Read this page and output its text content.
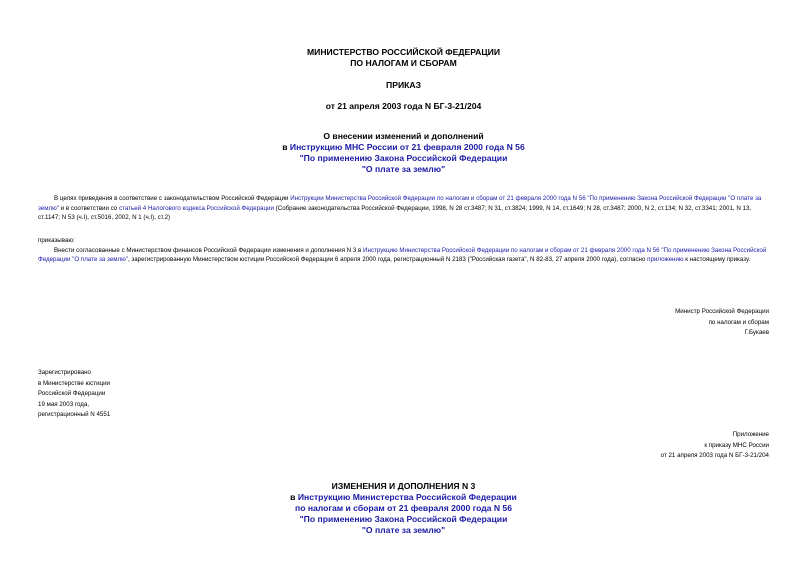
МИНИСТЕРСТВО РОССИЙСКОЙ ФЕДЕРАЦИИ
ПО НАЛОГАМ И СБОРАМ
ПРИКАЗ
от 21 апреля 2003 года N БГ-3-21/204
О внесении изменений и дополнений
в Инструкцию МНС России от 21 февраля 2000 года N 56
"По применению Закона Российской Федерации
"О плате за землю"

В целях приведения в соответствие с законодательством Российской Федерации Инструкции Министерства Российской Федерации по налогам и сборам от 21 февраля 2000 года N 56 "По применению Закона Российской Федерации "О плате за землю" и в соответствии со статьей 4 Налогового кодекса Российской Федерации (Собрание законодательства Российской Федерации, 1998, N 28 ст.3487; N 31, ст.3824; 1999, N 14, ст.1649; N 28, ст.3487; 2000, N 2, ст.134; N 32, ст.3341; 2001, N 13, ст.1147; N 53 (ч.I), ст.5016, 2002, N 1 (ч.I), ст.2)

приказываю:

Внести согласованные с Министерством финансов Российской Федерации изменения и дополнения N 3 в Инструкцию Министерства Российской Федерации по налогам и сборам от 21 февраля 2000 года N 56 "По применению Закона Российской Федерации "О плате за землю", зарегистрированную Министерством юстиции Российской Федерации 6 апреля 2000 года, регистрационный N 2183 ("Российская газета", N 82-83, 27 апреля 2000 года), согласно приложению к настоящему приказу.

Министр Российской Федерации
по налогам и сборам
Г.Букаев
Зарегистрировано
в Министерстве юстиции
Российской Федерации
19 мая 2003 года,
регистрационный N 4551
Приложение
к приказу МНС России
от 21 апреля 2003 года N БГ-3-21/204
ИЗМЕНЕНИЯ И ДОПОЛНЕНИЯ N 3
в Инструкцию Министерства Российской Федерации
по налогам и сборам от 21 февраля 2000 года N 56
"По применению Закона Российской Федерации
"О плате за землю"
